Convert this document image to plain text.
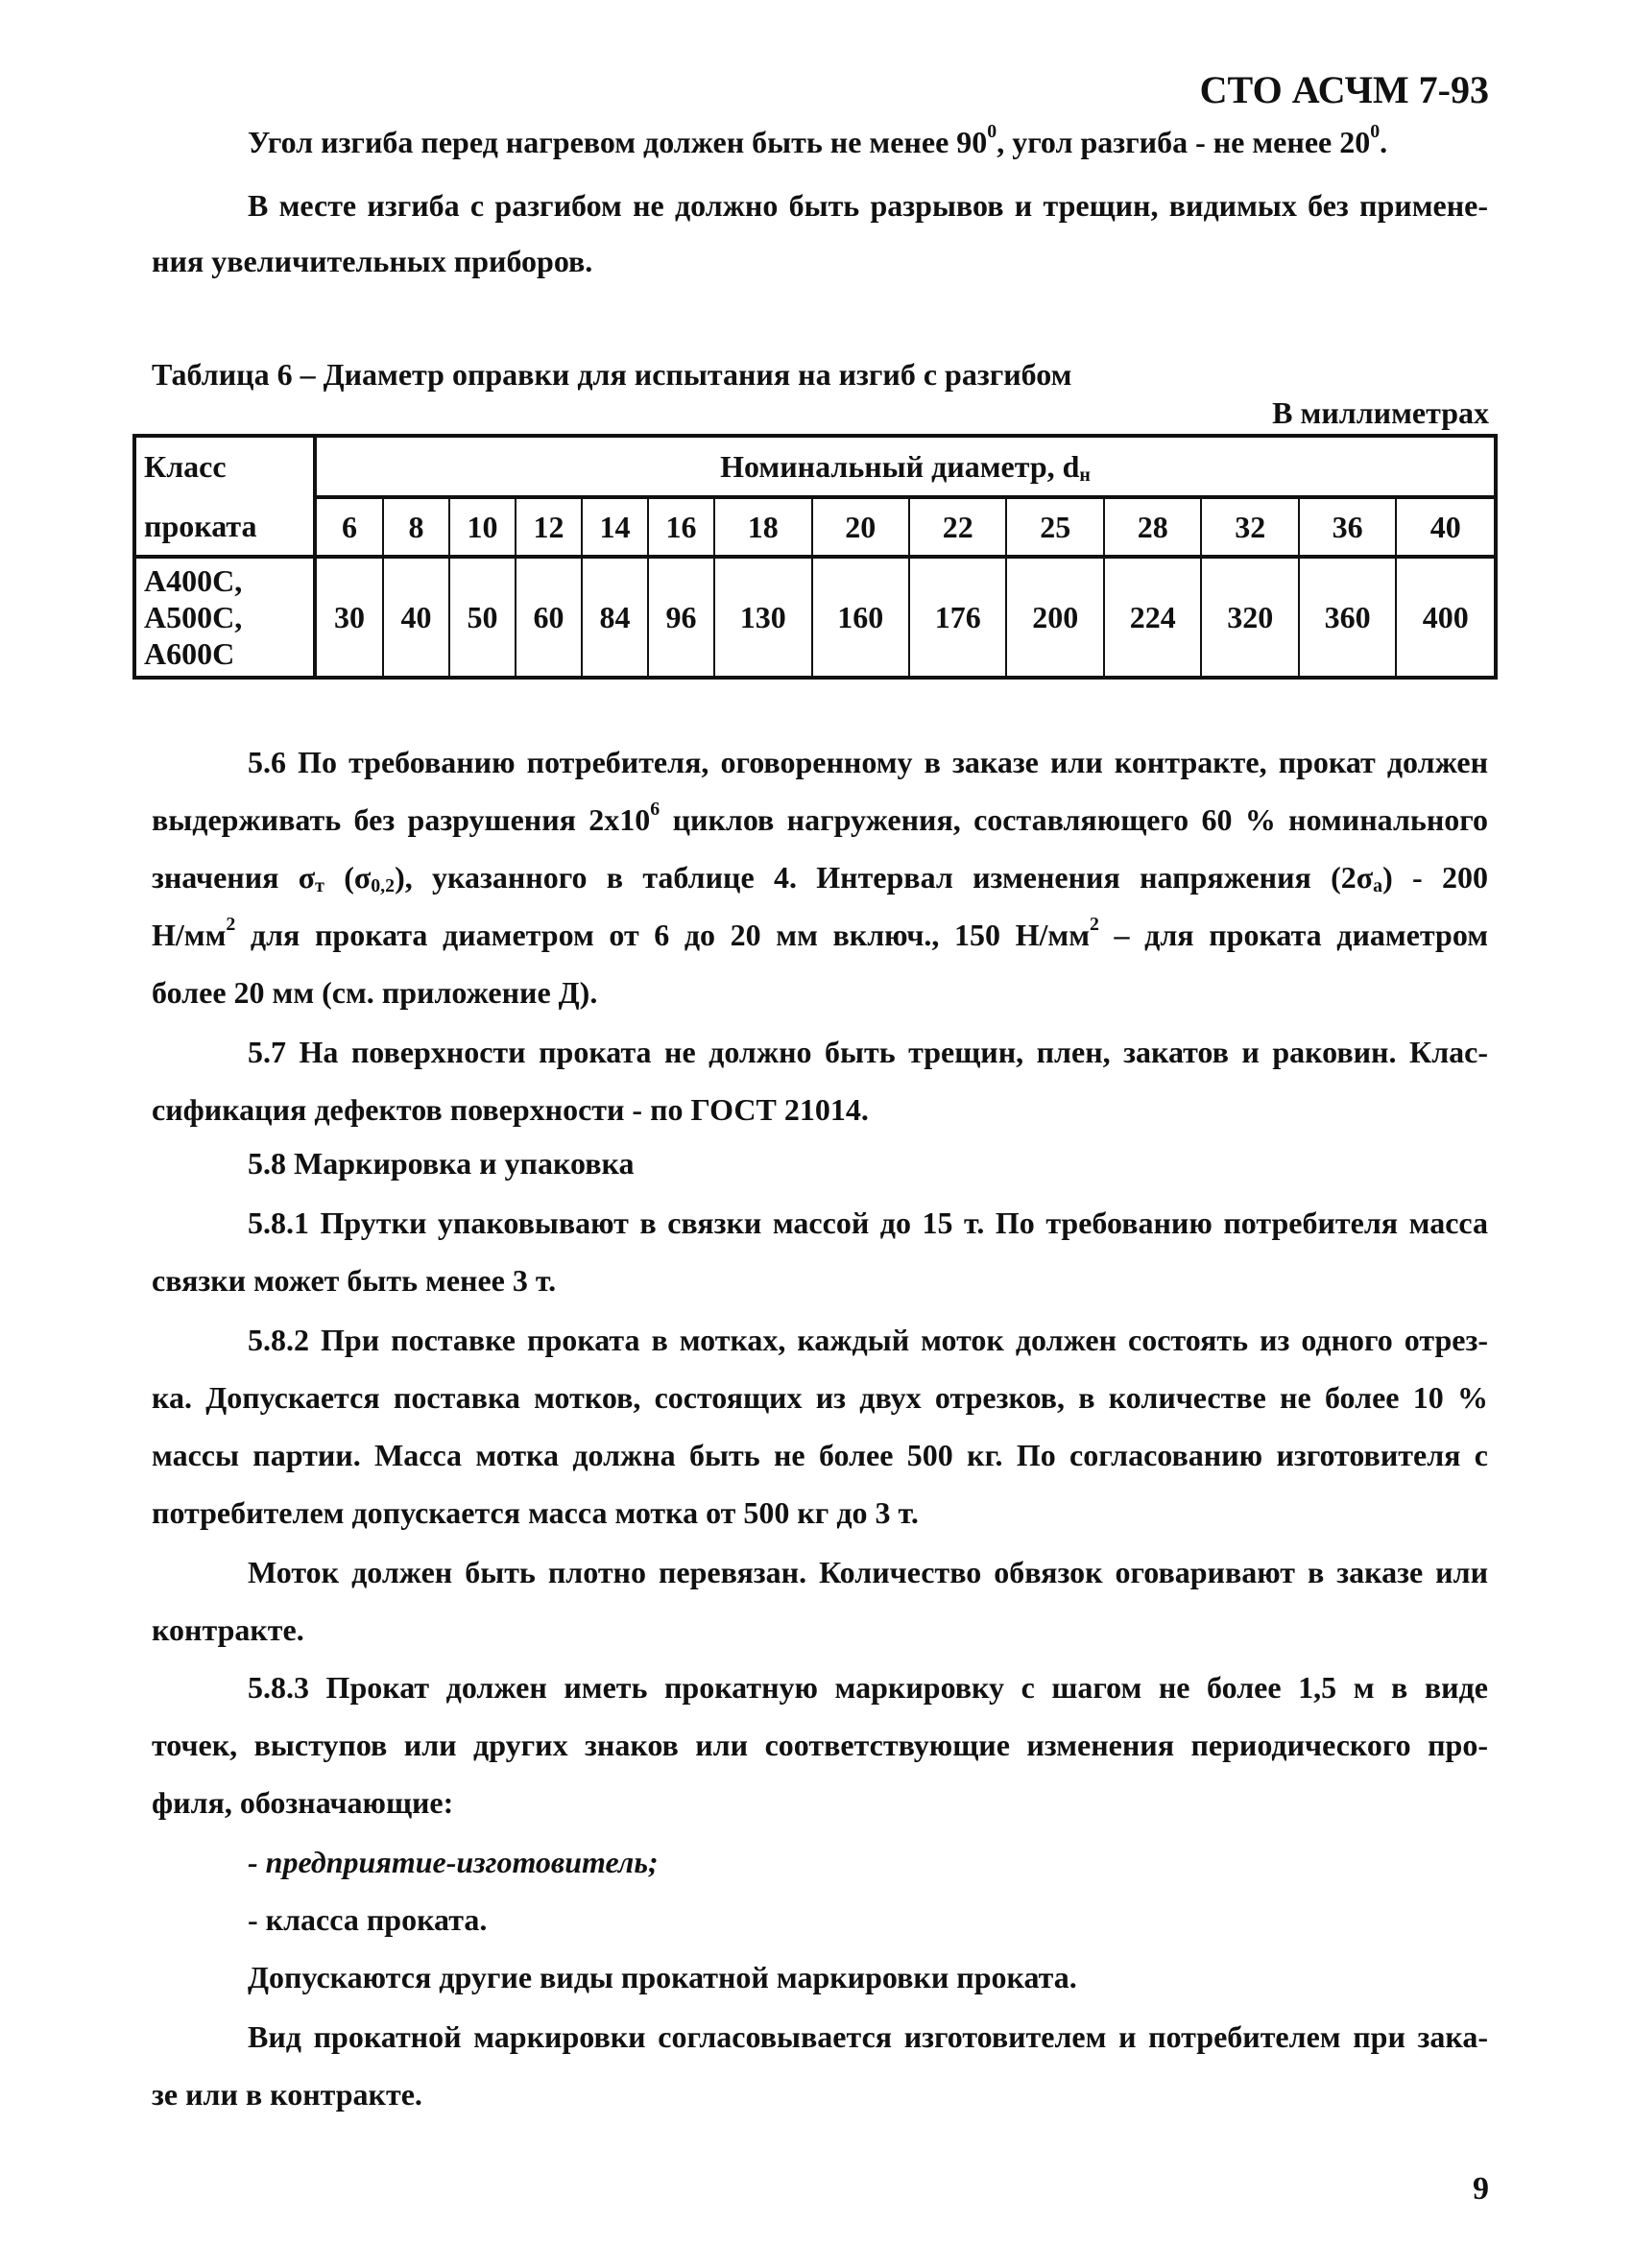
СТО АСЧМ 7-93
Угол изгиба перед нагревом должен быть не менее $90^0$, угол разгиба - не менее $20^0$.
В месте изгиба с разгибом не должно быть разрывов и трещин, видимых без примене-
ния увеличительных приборов.
Таблица 6 – Диаметр оправки для испытания на изгиб с разгибом
В миллиметрах
Класс	Номинальный диаметр, $d_н$
проката	6	8	10	12	14	16	18	20	22	25	28	32	36	40

А400С,
А500С,
А600С	30	40	50	60	84	96	130	160	176	200	224	320	360	400
5.6 По требованию потребителя, оговоренному в заказе или контракте, прокат должен
выдерживать без разрушения $2x10^6$ циклов нагружения, составляющего 60 % номинального
значения $\sigma_т$ $(\sigma_{0,2})$, указанного в таблице 4. Интервал изменения напряжения $(2\sigma_а) - 200$
$Н/мм^2$ для проката диаметром от 6 до 20 мм включ., 150 $Н/мм^2$ – для проката диаметром
более 20 мм (см. приложение Д).
5.7 На поверхности проката не должно быть трещин, плен, закатов и раковин. Клас-
сификация дефектов поверхности - по ГОСТ 21014.
5.8 Маркировка и упаковка
5.8.1 Прутки упаковывают в связки массой до 15 т. По требованию потребителя масса
связки может быть менее 3 т.
5.8.2 При поставке проката в мотках, каждый моток должен состоять из одного отрез-
ка. Допускается поставка мотков, состоящих из двух отрезков, в количестве не более 10 %
массы партии. Масса мотка должна быть не более 500 кг. По согласованию изготовителя с
потребителем допускается масса мотка от 500 кг до 3 т.
Моток должен быть плотно перевязан. Количество обвязок оговаривают в заказе или
контракте.
5.8.3 Прокат должен иметь прокатную маркировку с шагом не более 1,5 м в виде
точек, выступов или других знаков или соответствующие изменения периодического про-
филя, обозначающие:
- предприятие-изготовитель;
- класса проката.
Допускаются другие виды прокатной маркировки проката.
Вид прокатной маркировки согласовывается изготовителем и потребителем при зака-
зе или в контракте.
9
